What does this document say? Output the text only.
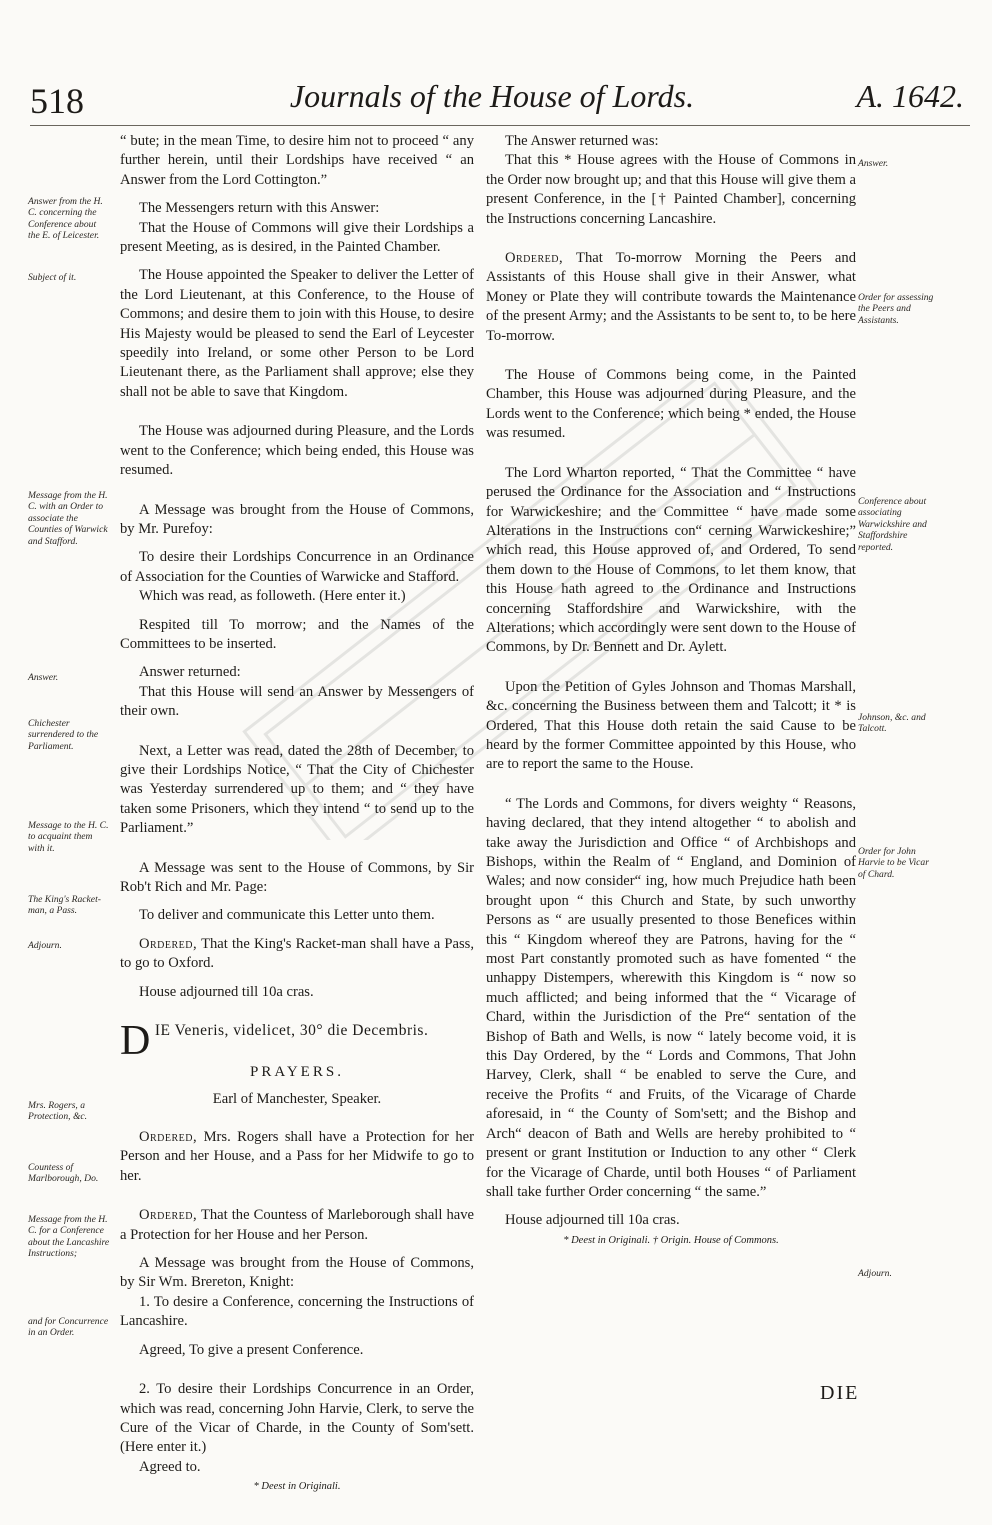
518	Journals of the House of Lords.	A. 1642.
Answer from the H. C. concerning the Conference about the E. of Leicester.
Subject of it.
Message from the H. C. with an Order to associate the Counties of Warwick and Stafford.
Answer.
Chichester surrendered to the Parliament.
Message to the H. C. to acquaint them with it.
The King's Racket-man, a Pass.
Adjourn.
Mrs. Rogers, a Protection, &c.
Countess of Marlborough, Do.
Message from the H. C. for a Conference about the Lancashire Instructions;
and for Concurrence in an Order.

“ bute; in the mean Time, to desire him not to proceed “ any further herein, until their Lordships have received “ an Answer from the Lord Cottington.”

The Messengers return with this Answer:

That the House of Commons will give their Lordships a present Meeting, as is desired, in the Painted Chamber.

The House appointed the Speaker to deliver the Letter of the Lord Lieutenant, at this Conference, to the House of Commons; and desire them to join with this House, to desire His Majesty would be pleased to send the Earl of Leycester speedily into Ireland, or some other Person to be Lord Lieutenant there, as the Parliament shall approve; else they shall not be able to save that Kingdom.

The House was adjourned during Pleasure, and the Lords went to the Conference; which being ended, this House was resumed.

A Message was brought from the House of Commons, by Mr. Purefoy:

To desire their Lordships Concurrence in an Ordinance of Association for the Counties of Warwicke and Stafford.

Which was read, as followeth. (Here enter it.)

Respited till To morrow; and the Names of the Committees to be inserted.

Answer returned:

That this House will send an Answer by Messengers of their own.

Next, a Letter was read, dated the 28th of December, to give their Lordships Notice, “ That the City of Chichester was Yesterday surrendered up to them; and “ they have taken some Prisoners, which they intend “ to send up to the Parliament.”

A Message was sent to the House of Commons, by Sir Rob't Rich and Mr. Page:

To deliver and communicate this Letter unto them.

Ordered, That the King's Racket-man shall have a Pass, to go to Oxford.

House adjourned till 10a cras.

DIE Veneris, videlicet, 30° die Decembris.

PRAYERS.

Earl of Manchester, Speaker.

Ordered, Mrs. Rogers shall have a Protection for her Person and her House, and a Pass for her Midwife to go to her.

Ordered, That the Countess of Marleborough shall have a Protection for her House and her Person.

A Message was brought from the House of Commons, by Sir Wm. Brereton, Knight:

1. To desire a Conference, concerning the Instructions of Lancashire.

Agreed, To give a present Conference.

2. To desire their Lordships Concurrence in an Order, which was read, concerning John Harvie, Clerk, to serve the Cure of the Vicar of Charde, in the County of Som'sett. (Here enter it.)

Agreed to.

* Deest in Originali.

The Answer returned was:

That this * House agrees with the House of Commons in the Order now brought up; and that this House will give them a present Conference, in the [† Painted Chamber], concerning the Instructions concerning Lancashire.

Ordered, That To-morrow Morning the Peers and Assistants of this House shall give in their Answer, what Money or Plate they will contribute towards the Maintenance of the present Army; and the Assistants to be sent to, to be here To-morrow.

The House of Commons being come, in the Painted Chamber, this House was adjourned during Pleasure, and the Lords went to the Conference; which being * ended, the House was resumed.

The Lord Wharton reported, “ That the Committee “ have perused the Ordinance for the Association and “ Instructions for Warwickeshire; and the Committee “ have made some Alterations in the Instructions con“ cerning Warwickeshire;” which read, this House approved of, and Ordered, To send them down to the House of Commons, to let them know, that this House hath agreed to the Ordinance and Instructions concerning Staffordshire and Warwickshire, with the Alterations; which accordingly were sent down to the House of Commons, by Dr. Bennett and Dr. Aylett.

Upon the Petition of Gyles Johnson and Thomas Marshall, &c. concerning the Business between them and Talcott; it * is Ordered, That this House doth retain the said Cause to be heard by the former Committee appointed by this House, who are to report the same to the House.

“ The Lords and Commons, for divers weighty “ Reasons, having declared, that they intend altogether “ to abolish and take away the Jurisdiction and Office “ of Archbishops and Bishops, within the Realm of “ England, and Dominion of Wales; and now consider“ ing, how much Prejudice hath been brought upon “ this Church and State, by such unworthy Persons as “ are usually presented to those Benefices within this “ Kingdom whereof they are Patrons, having for the “ most Part constantly promoted such as have fomented “ the unhappy Distempers, wherewith this Kingdom is “ now so much afflicted; and being informed that the “ Vicarage of Chard, within the Jurisdiction of the Pre“ sentation of the Bishop of Bath and Wells, is now “ lately become void, it is this Day Ordered, by the “ Lords and Commons, That John Harvey, Clerk, shall “ be enabled to serve the Cure, and receive the Profits “ and Fruits, of the Vicarage of Charde aforesaid, in “ the County of Som'sett; and the Bishop and Arch“ deacon of Bath and Wells are hereby prohibited to “ present or grant Institution or Induction to any other “ Clerk for the Vicarage of Charde, until both Houses “ of Parliament shall take further Order concerning “ the same.”

House adjourned till 10a cras.

* Deest in Originali. † Origin. House of Commons.

Answer.
Order for assessing the Peers and Assistants.
Conference about associating Warwickshire and Staffordshire reported.
Johnson, &c. and Talcott.
Order for John Harvie to be Vicar of Chard.
Adjourn.
DIE
